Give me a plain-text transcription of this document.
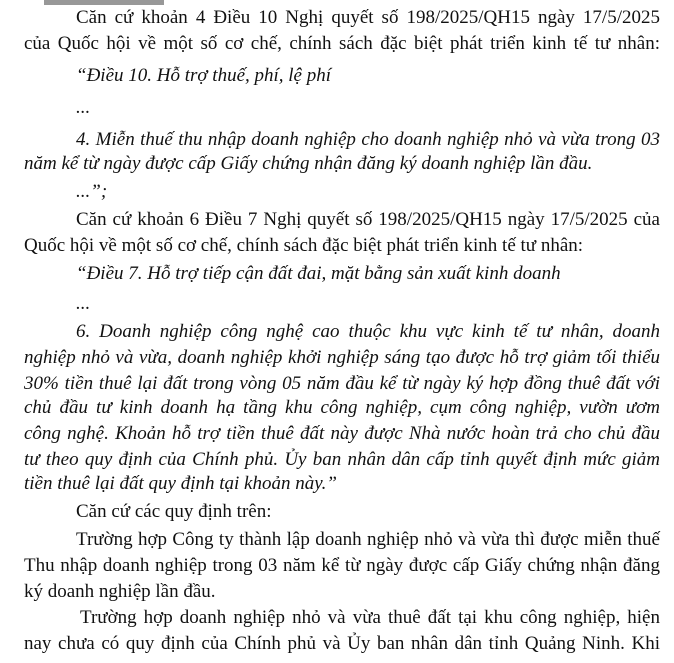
Căn cứ khoản 4 Điều 10 Nghị quyết số 198/2025/QH15 ngày 17/5/2025
của Quốc hội về một số cơ chế, chính sách đặc biệt phát triển kinh tế tư nhân:
“Điều 10. Hỗ trợ thuế, phí, lệ phí
...
4. Miễn thuế thu nhập doanh nghiệp cho doanh nghiệp nhỏ và vừa trong 03
năm kể từ ngày được cấp Giấy chứng nhận đăng ký doanh nghiệp lần đầu.
...”;
Căn cứ khoản 6 Điều 7 Nghị quyết số 198/2025/QH15 ngày 17/5/2025 của
Quốc hội về một số cơ chế, chính sách đặc biệt phát triển kinh tế tư nhân:
“Điều 7. Hỗ trợ tiếp cận đất đai, mặt bằng sản xuất kinh doanh
...
6. Doanh nghiệp công nghệ cao thuộc khu vực kinh tế tư nhân, doanh
nghiệp nhỏ và vừa, doanh nghiệp khởi nghiệp sáng tạo được hỗ trợ giảm tối thiểu
30% tiền thuê lại đất trong vòng 05 năm đầu kể từ ngày ký hợp đồng thuê đất với
chủ đầu tư kinh doanh hạ tầng khu công nghiệp, cụm công nghiệp, vườn ươm
công nghệ. Khoản hỗ trợ tiền thuê đất này được Nhà nước hoàn trả cho chủ đầu
tư theo quy định của Chính phủ. Ủy ban nhân dân cấp tỉnh quyết định mức giảm
tiền thuê lại đất quy định tại khoản này.”
Căn cứ các quy định trên:
Trường hợp Công ty thành lập doanh nghiệp nhỏ và vừa thì được miễn thuế
Thu nhập doanh nghiệp trong 03 năm kể từ ngày được cấp Giấy chứng nhận đăng
ký doanh nghiệp lần đầu.
Trường hợp doanh nghiệp nhỏ và vừa thuê đất tại khu công nghiệp, hiện
nay chưa có quy định của Chính phủ và Ủy ban nhân dân tỉnh Quảng Ninh. Khi
